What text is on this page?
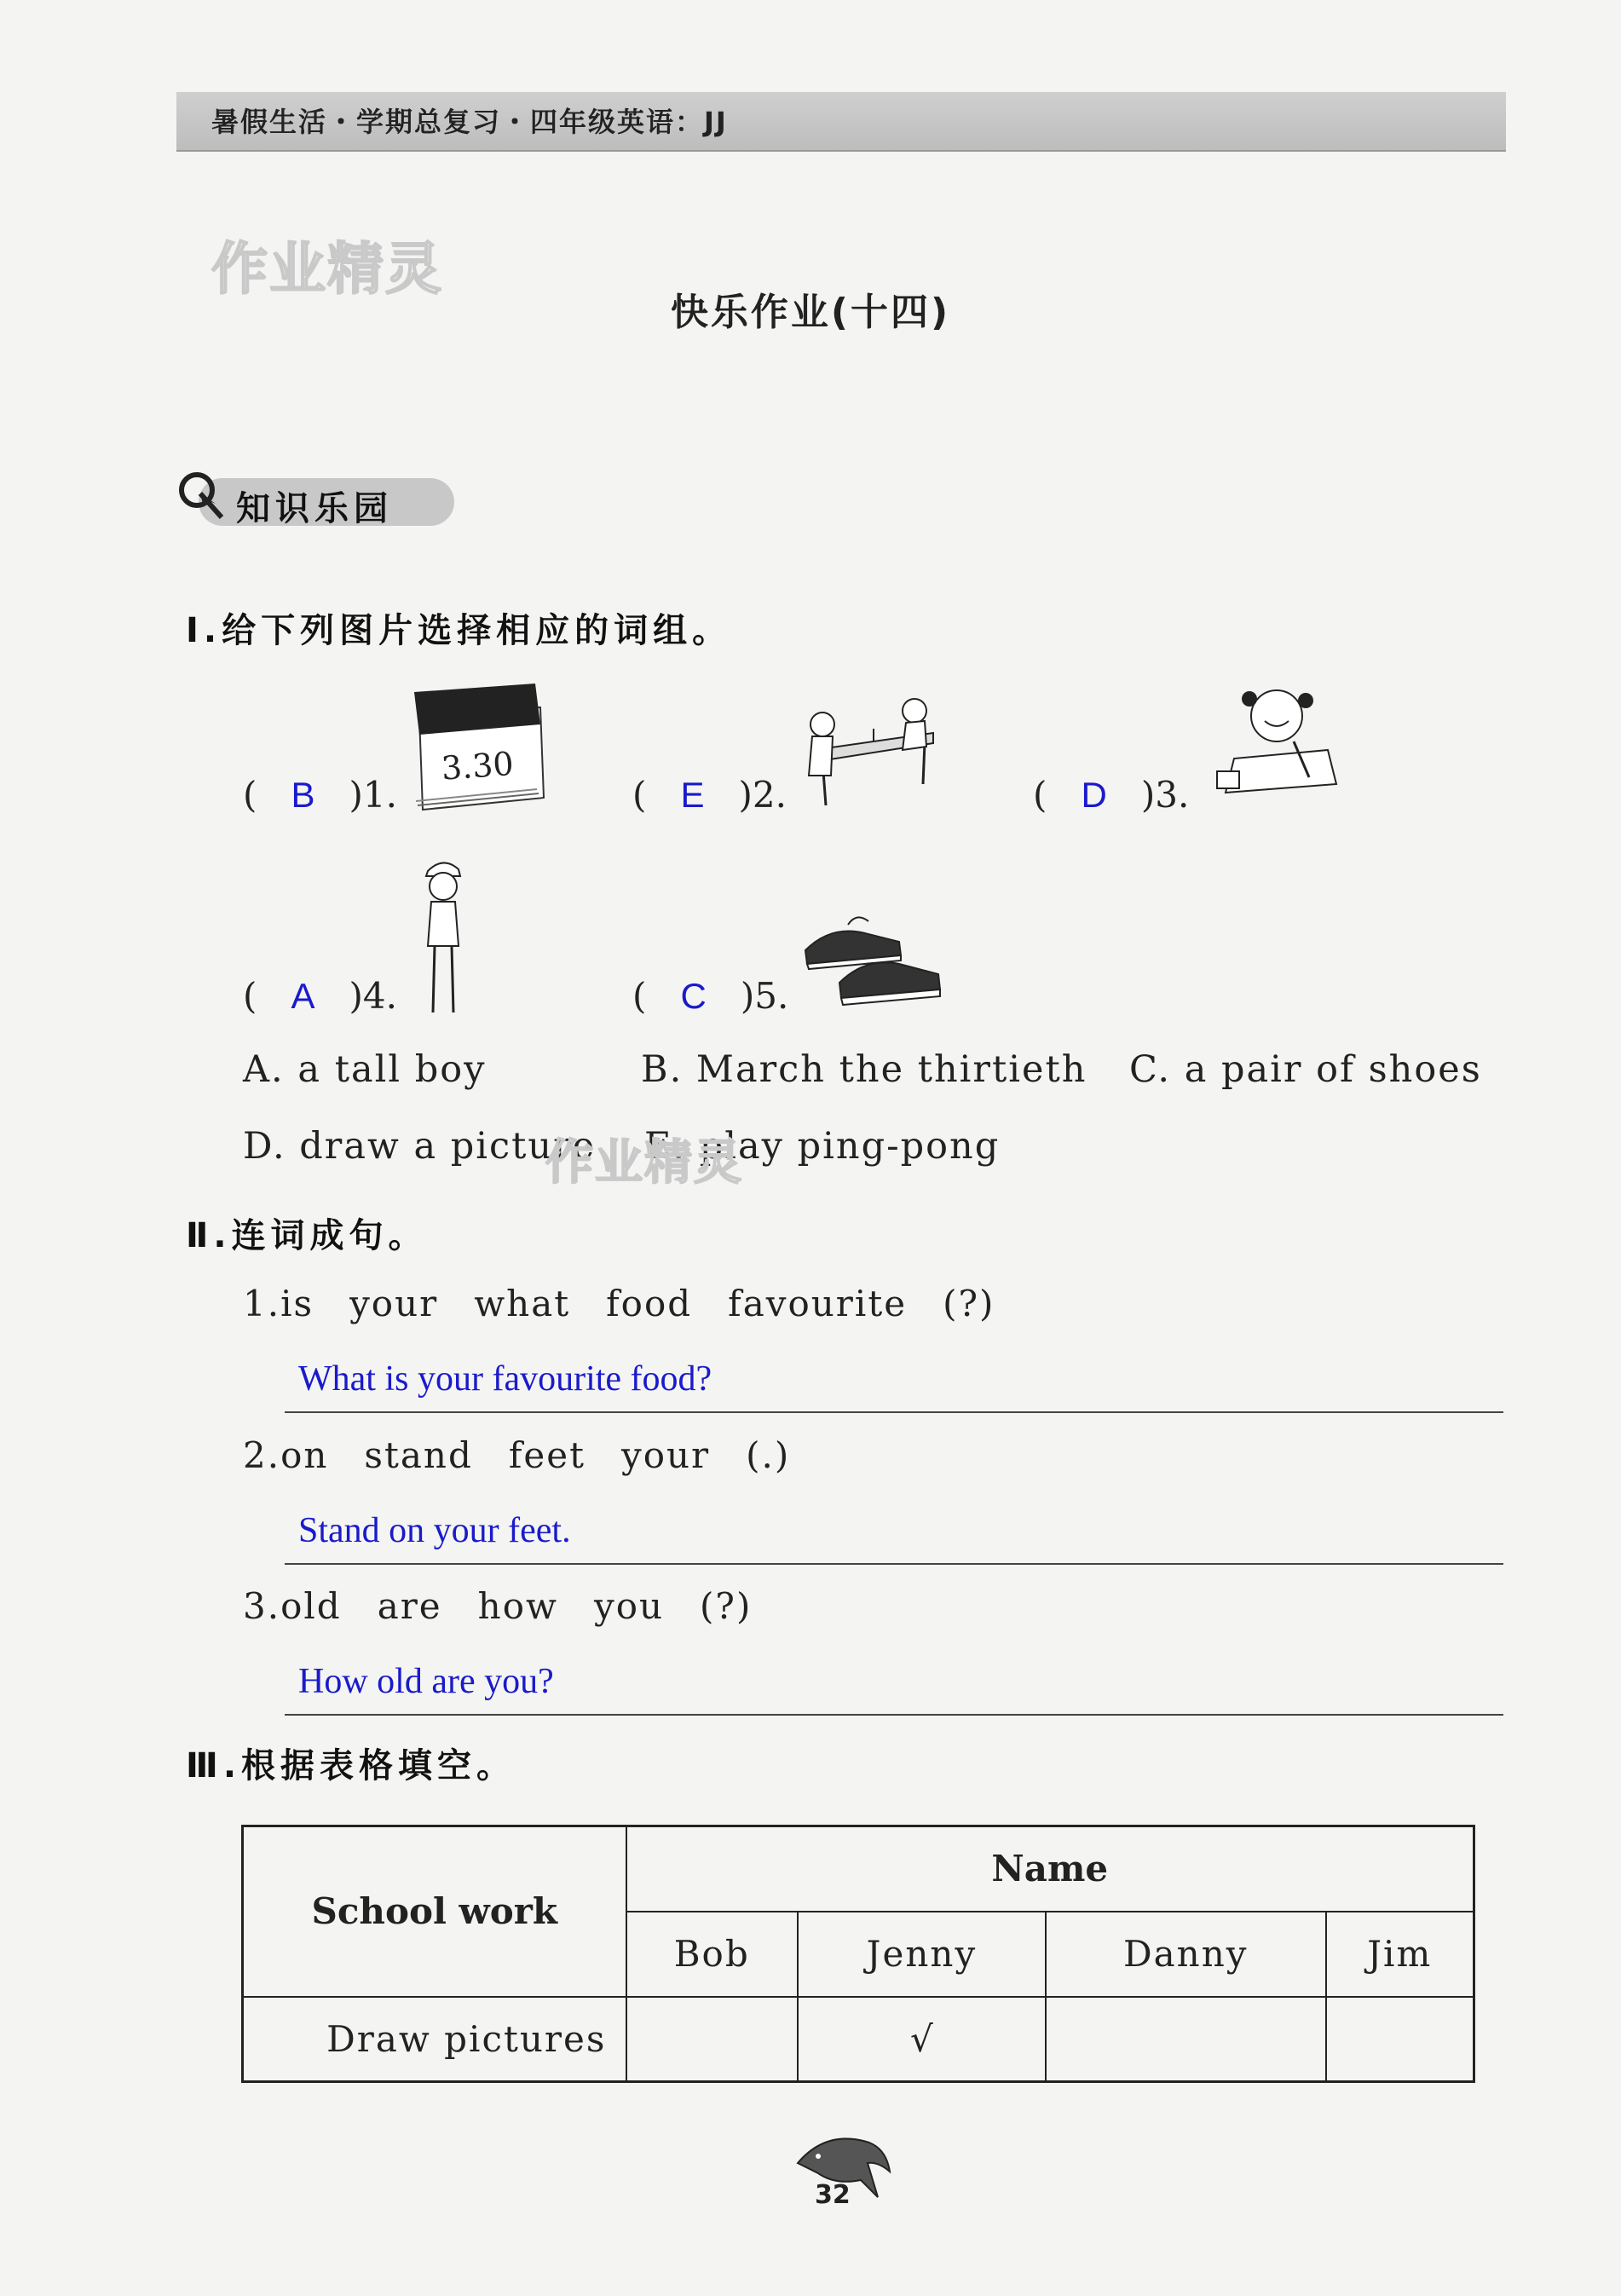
暑假生活・学期总复习・四年级英语：JJ
作业精灵
快乐作业(十四)
知识乐园
Ⅰ.给下列图片选择相应的词组。
3.30
( B )1.	( E )2.	( D )3.
( A )4.	( C )5.
A. a tall boy	B. March the thirtieth C. a pair of shoes
D. draw a picture E. play ping-pong
作业精灵
Ⅱ.连词成句。
1.is your what food favourite (?)
What is your favourite food?
2.on stand feet your (.)
Stand on your feet.
3.old are how you (?)
How old are you?
Ⅲ.根据表格填空。
School work	Name			
	Bob	Jenny	Danny	Jim
Draw pictures		√		
32
